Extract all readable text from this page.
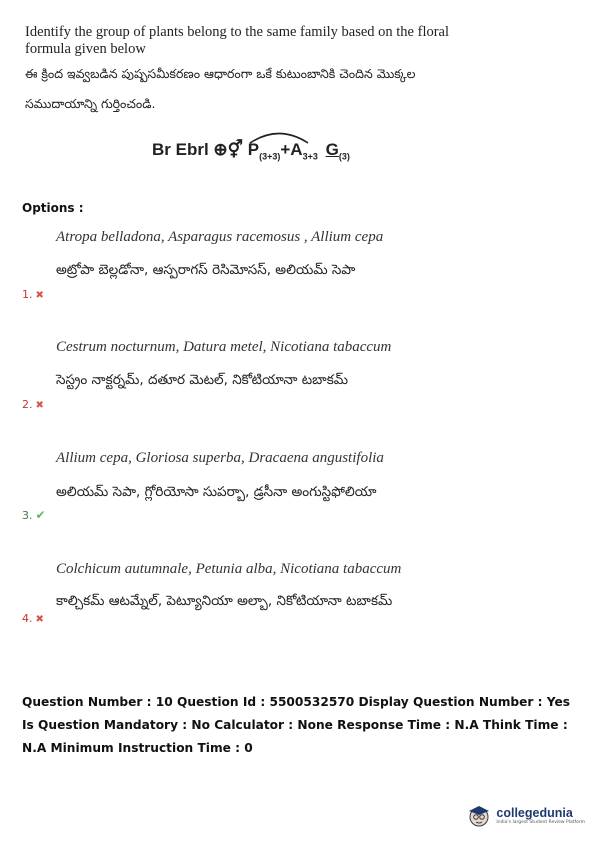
Identify the group of plants belong to the same family based on the floral formula given below
ఈ క్రింద ఇవ్వబడిన పుష్పసమీకరణం ఆధారంగా ఒకే కుటుంబానికి చెందిన మొక్కల
సముదాయాన్ని గుర్తించండి.
Br Ebrl ⊕⚥ $P_{(3+3)}+A_{3+3}$ $G_{(3)}$
Options :
Atropa belladona, Asparagus racemosus , Allium cepa
అట్రోపా బెల్లడోనా, ఆస్పరాగస్ రెసిమోసస్, అలియమ్ సెపా
1. ✖
Cestrum nocturnum, Datura metel, Nicotiana tabaccum
సెస్ట్రం నాక్టర్నమ్, దతూర మెటల్, నికోటియానా టబాకమ్
2. ✖
Allium cepa, Gloriosa superba, Dracaena angustifolia
అలియమ్ సెపా, గ్లోరియోసా సుపర్బా, డ్రసీనా అంగుస్టిఫోలియా
3. ✔
Colchicum autumnale, Petunia alba, Nicotiana tabaccum
కాల్చికమ్ ఆటమ్నేల్, పెట్యూనియా అల్బా, నికోటియానా టబాకమ్
4. ✖
Question Number : 10 Question Id : 5500532570 Display Question Number : Yes Is Question Mandatory : No Calculator : None Response Time : N.A Think Time : N.A Minimum Instruction Time : 0
collegedunia
India's largest Student Review Platform
